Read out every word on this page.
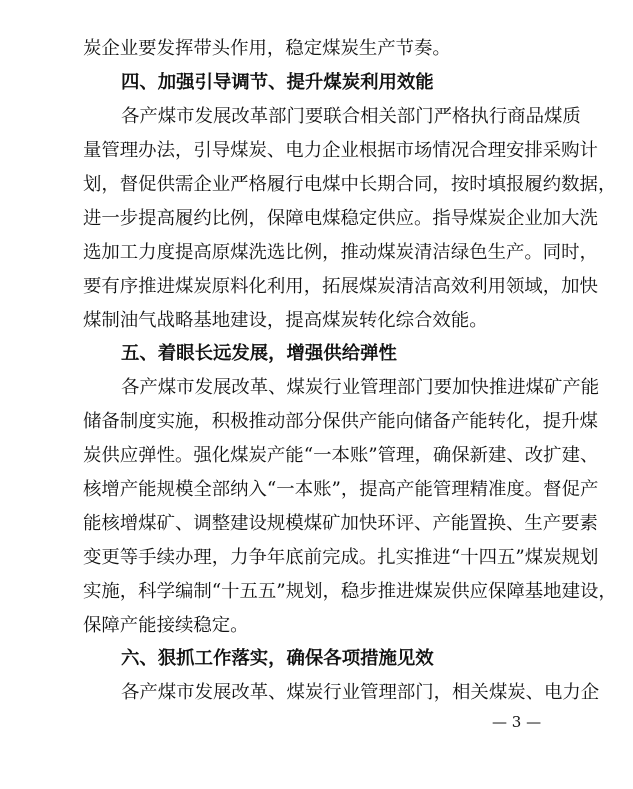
炭企业要发挥带头作用，稳定煤炭生产节奏。
四、加强引导调节、提升煤炭利用效能
各产煤市发展改革部门要联合相关部门严格执行商品煤质
量管理办法，引导煤炭、电力企业根据市场情况合理安排采购计
划，督促供需企业严格履行电煤中长期合同，按时填报履约数据，
进一步提高履约比例，保障电煤稳定供应。指导煤炭企业加大洗
选加工力度提高原煤洗选比例，推动煤炭清洁绿色生产。同时，
要有序推进煤炭原料化利用，拓展煤炭清洁高效利用领域，加快
煤制油气战略基地建设，提高煤炭转化综合效能。
五、着眼长远发展，增强供给弹性
各产煤市发展改革、煤炭行业管理部门要加快推进煤矿产能
储备制度实施，积极推动部分保供产能向储备产能转化，提升煤
炭供应弹性。强化煤炭产能“一本账”管理，确保新建、改扩建、
核增产能规模全部纳入“一本账”，提高产能管理精准度。督促产
能核增煤矿、调整建设规模煤矿加快环评、产能置换、生产要素
变更等手续办理，力争年底前完成。扎实推进“十四五”煤炭规划
实施，科学编制“十五五”规划，稳步推进煤炭供应保障基地建设，
保障产能接续稳定。
六、狠抓工作落实，确保各项措施见效
各产煤市发展改革、煤炭行业管理部门，相关煤炭、电力企
— 3 —
